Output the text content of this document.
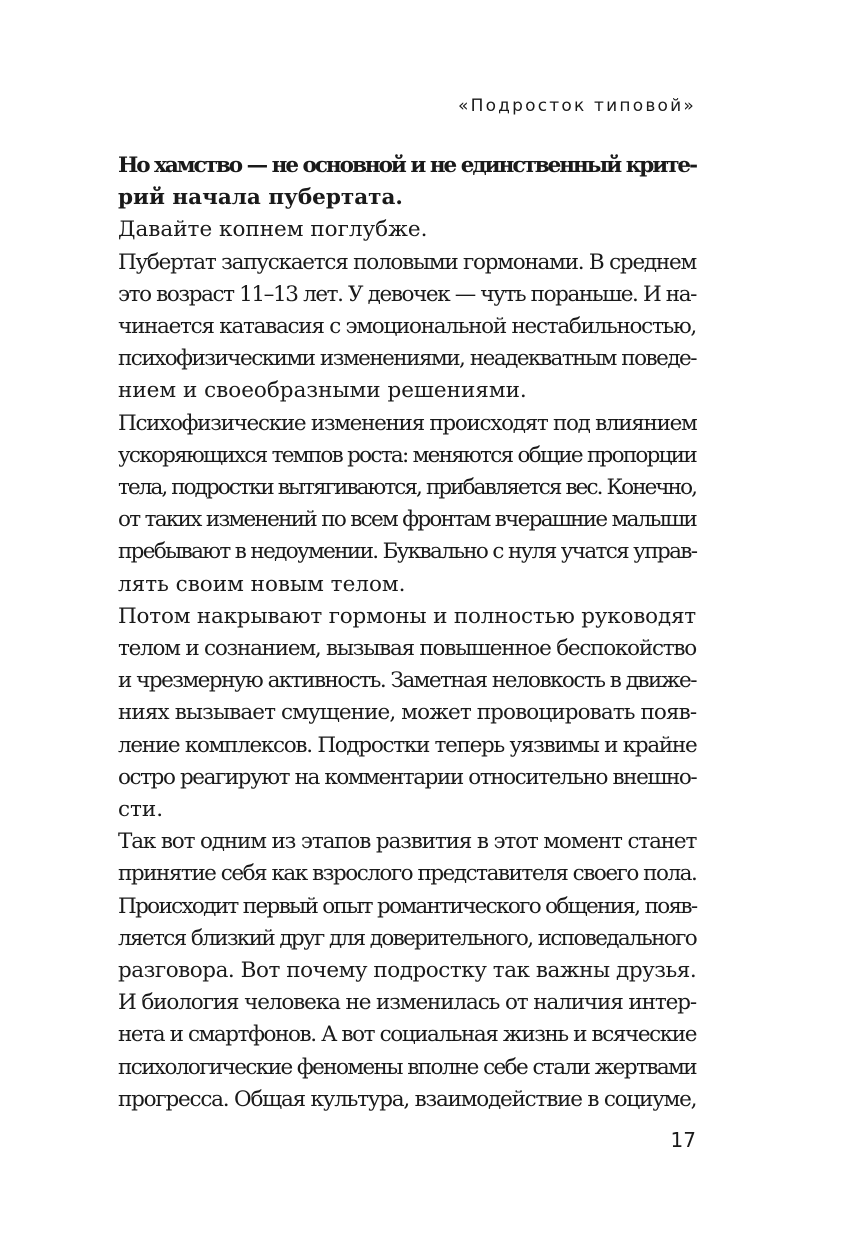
«Подросток типовой»
Но хамство — не основной и не единственный крите-
рий начала пубертата.
Давайте копнем поглубже.
Пубертат запускается половыми гормонами. В среднем
это возраст 11–13 лет. У девочек — чуть пораньше. И на-
чинается катавасия с эмоциональной нестабильностью,
психофизическими изменениями, неадекватным поведе-
нием и своеобразными решениями.
Психофизические изменения происходят под влиянием
ускоряющихся темпов роста: меняются общие пропорции
тела, подростки вытягиваются, прибавляется вес. Конечно,
от таких изменений по всем фронтам вчерашние малыши
пребывают в недоумении. Буквально с нуля учатся управ-
лять своим новым телом.
Потом накрывают гормоны и полностью руководят
телом и сознанием, вызывая повышенное беспокойство
и чрезмерную активность. Заметная неловкость в движе-
ниях вызывает смущение, может провоцировать появ-
ление комплексов. Подростки теперь уязвимы и крайне
остро реагируют на комментарии относительно внешно-
сти.
Так вот одним из этапов развития в этот момент станет
принятие себя как взрослого представителя своего пола.
Происходит первый опыт романтического общения, появ-
ляется близкий друг для доверительного, исповедального
разговора. Вот почему подростку так важны друзья.
И биология человека не изменилась от наличия интер-
нета и смартфонов. А вот социальная жизнь и всяческие
психологические феномены вполне себе стали жертвами
прогресса. Общая культура, взаимодействие в социуме,
17
